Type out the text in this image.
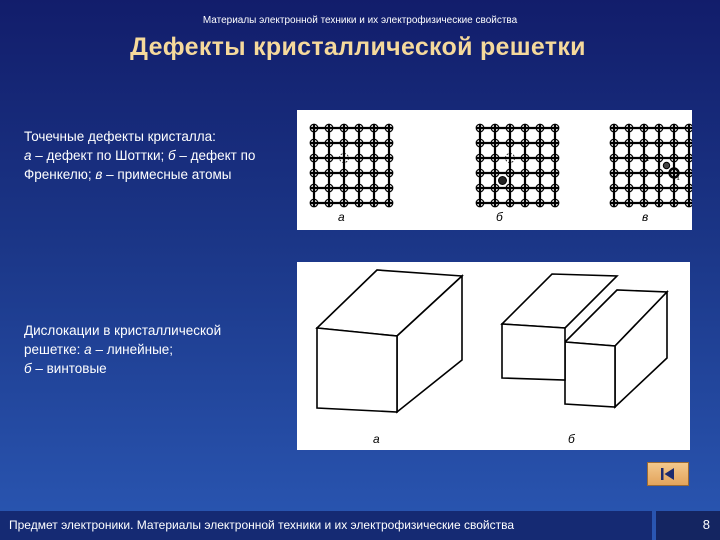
Материалы электронной техники и их электрофизические свойства
Дефекты кристаллической решетки
Точечные дефекты кристалла:
а – дефект по Шоттки; б – дефект по Френкелю; в – примесные атомы
а	б	в
2
1
Дислокации в кристаллической
решетке: а – линейные;
б – винтовые
а	б
Предмет электроники. Материалы электронной техники и их электрофизические свойства	8
